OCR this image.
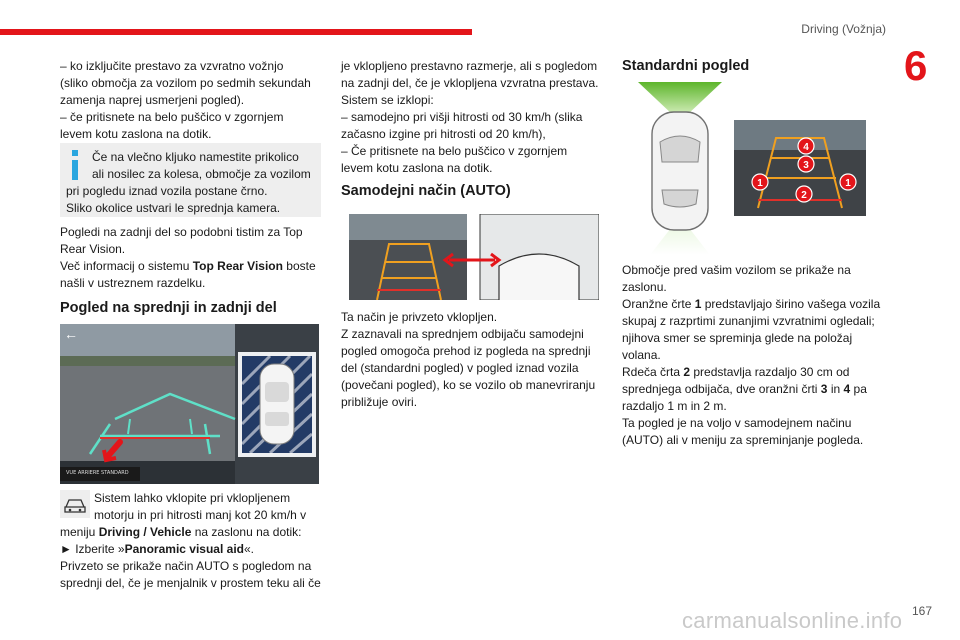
Driving (Vožnja)
6

– ko izključite prestavo za vzvratno vožnjo

(sliko območja za vozilom po sedmih sekundah

zamenja naprej usmerjeni pogled).

– če pritisnete na belo puščico v zgornjem

levem kotu zaslona na dotik.

Če na vlečno kljuko namestite prikolico

ali nosilec za kolesa, območje za vozilom

pri pogledu iznad vozila postane črno.

Sliko okolice ustvari le sprednja kamera.

Pogledi na zadnji del so podobni tistim za Top

Rear Vision.

Več informacij o sistemu Top Rear Vision boste

našli v ustreznem razdelku.

Pogled na sprednji in zadnji del

←
VUE ARRIERE STANDARD

Sistem lahko vklopite pri vklopljenem

motorju in pri hitrosti manj kot 20 km/h v

meniju Driving / Vehicle na zaslonu na dotik:

► Izberite »Panoramic visual aid«.

Privzeto se prikaže način AUTO s pogledom na

sprednji del, če je menjalnik v prostem teku ali če

je vklopljeno prestavno razmerje, ali s pogledom

na zadnji del, če je vklopljena vzvratna prestava.

Sistem se izklopi:

– samodejno pri višji hitrosti od 30 km/h (slika

začasno izgine pri hitrosti od 20 km/h),

– Če pritisnete na belo puščico v zgornjem

levem kotu zaslona na dotik.

Samodejni način (AUTO)

Ta način je privzeto vklopljen.

Z zaznavali na sprednjem odbijaču samodejni

pogled omogoča prehod iz pogleda na sprednji

del (standardni pogled) v pogled iznad vozila

(povečani pogled), ko se vozilo ob manevriranju

približuje oviri.

Standardni pogled

4
3
1	1
2

Območje pred vašim vozilom se prikaže na

zaslonu.

Oranžne črte 1 predstavljajo širino vašega vozila

skupaj z razprtimi zunanjimi vzvratnimi ogledali;

njihova smer se spreminja glede na položaj

volana.

Rdeča črta 2 predstavlja razdaljo 30 cm od

sprednjega odbijača, dve oranžni črti 3 in 4 pa

razdaljo 1 m in 2 m.

Ta pogled je na voljo v samodejnem načinu

(AUTO) ali v meniju za spreminjanje pogleda.

carmanualsonline.info 167
